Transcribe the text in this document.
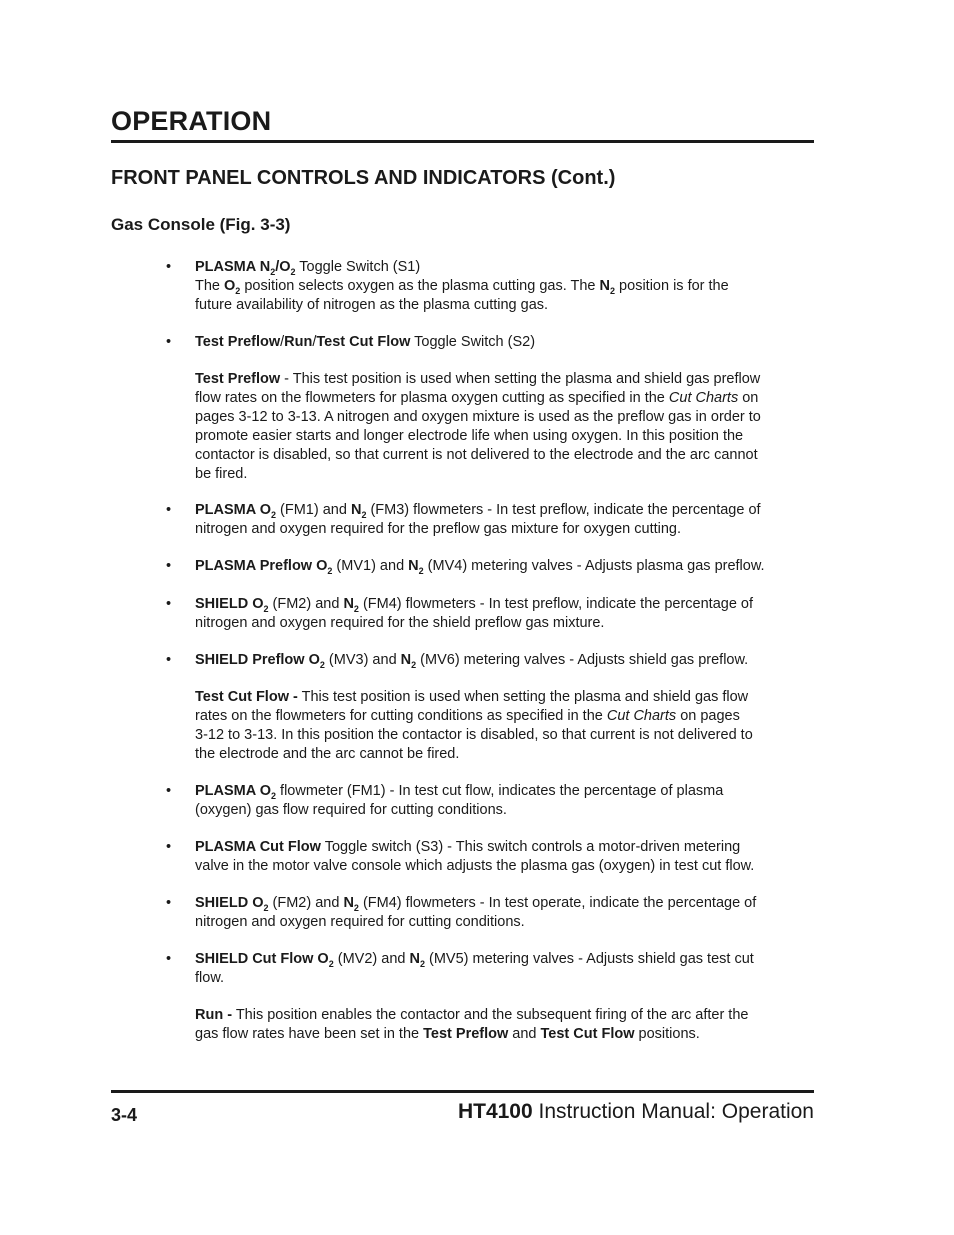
OPERATION
FRONT PANEL CONTROLS AND INDICATORS (Cont.)
Gas Console (Fig. 3-3)
• PLASMA $N_2/O_2$ Toggle Switch (S1)
The $O_2$ position selects oxygen as the plasma cutting gas. The $N_2$ position is for the
future availability of nitrogen as the plasma cutting gas.
• Test Preflow/Run/Test Cut Flow Toggle Switch (S2)
Test Preflow - This test position is used when setting the plasma and shield gas preflow
flow rates on the flowmeters for plasma oxygen cutting as specified in the Cut Charts on
pages 3-12 to 3-13. A nitrogen and oxygen mixture is used as the preflow gas in order to
promote easier starts and longer electrode life when using oxygen. In this position the
contactor is disabled, so that current is not delivered to the electrode and the arc cannot
be fired.
• PLASMA $O_2$ (FM1) and $N_2$ (FM3) flowmeters - In test preflow, indicate the percentage of
nitrogen and oxygen required for the preflow gas mixture for oxygen cutting.
• PLASMA Preflow $O_2$ (MV1) and $N_2$ (MV4) metering valves - Adjusts plasma gas preflow.
• SHIELD $O_2$ (FM2) and $N_2$ (FM4) flowmeters - In test preflow, indicate the percentage of
nitrogen and oxygen required for the shield preflow gas mixture.
• SHIELD Preflow $O_2$ (MV3) and $N_2$ (MV6) metering valves - Adjusts shield gas preflow.
Test Cut Flow - This test position is used when setting the plasma and shield gas flow
rates on the flowmeters for cutting conditions as specified in the Cut Charts on pages
3-12 to 3-13. In this position the contactor is disabled, so that current is not delivered to
the electrode and the arc cannot be fired.
• PLASMA $O_2$ flowmeter (FM1) - In test cut flow, indicates the percentage of plasma
(oxygen) gas flow required for cutting conditions.
• PLASMA Cut Flow Toggle switch (S3) - This switch controls a motor-driven metering
valve in the motor valve console which adjusts the plasma gas (oxygen) in test cut flow.
• SHIELD $O_2$ (FM2) and $N_2$ (FM4) flowmeters - In test operate, indicate the percentage of
nitrogen and oxygen required for cutting conditions.
• SHIELD Cut Flow $O_2$ (MV2) and $N_2$ (MV5) metering valves - Adjusts shield gas test cut
flow.
Run - This position enables the contactor and the subsequent firing of the arc after the
gas flow rates have been set in the Test Preflow and Test Cut Flow positions.
3-4	HT4100 Instruction Manual: Operation
